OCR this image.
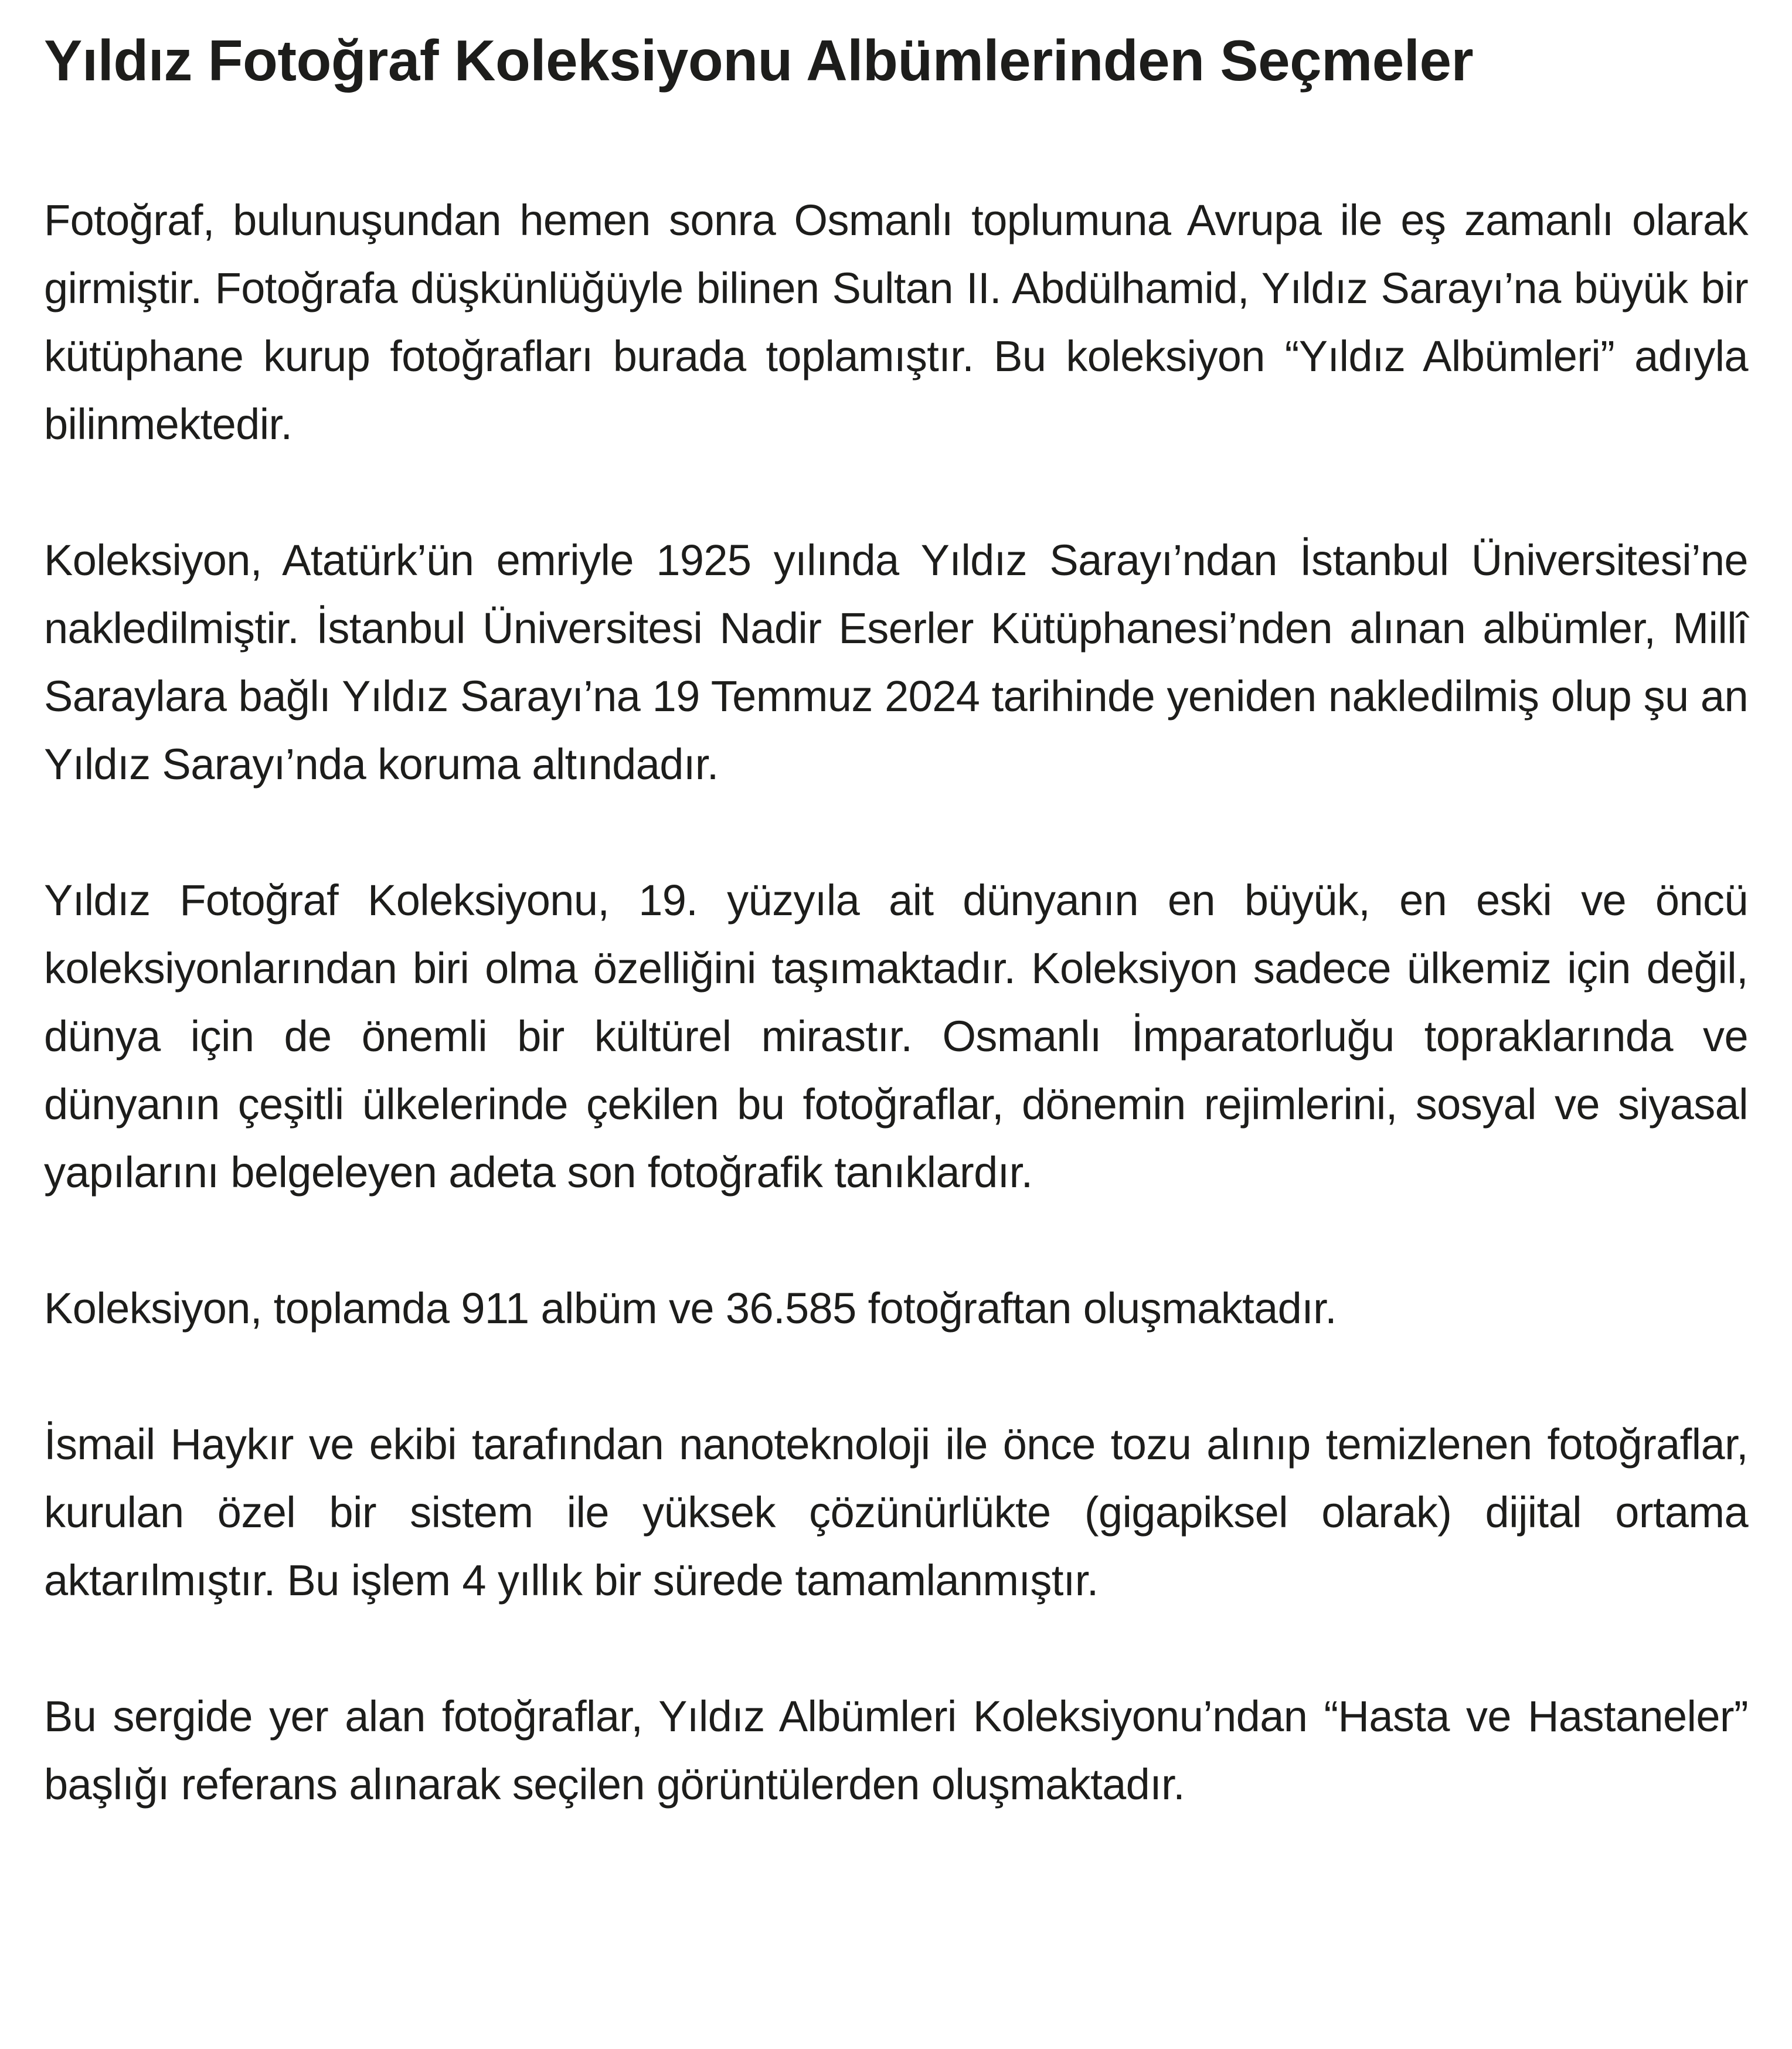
Yıldız Fotoğraf Koleksiyonu Albümlerinden Seçmeler

Fotoğraf, bulunuşundan hemen sonra Osmanlı toplumuna Avrupa ile eş zamanlı olarak girmiştir. Fotoğrafa düşkünlüğüyle bilinen Sultan II. Abdülhamid, Yıldız Sarayı’na büyük bir kütüphane kurup fotoğrafları burada toplamıştır. Bu koleksiyon “Yıldız Albümleri” adıyla bilinmektedir.

Koleksiyon, Atatürk’ün emriyle 1925 yılında Yıldız Sarayı’ndan İstanbul Üniversitesi’ne nakledilmiştir. İstanbul Üniversitesi Nadir Eserler Kütüphanesi’nden alınan albümler, Millî Saraylara bağlı Yıldız Sarayı’na 19 Temmuz 2024 tarihinde yeniden nakledilmiş olup şu an Yıldız Sarayı’nda koruma altındadır.

Yıldız Fotoğraf Koleksiyonu, 19. yüzyıla ait dünyanın en büyük, en eski ve öncü koleksiyonlarından biri olma özelliğini taşımaktadır. Koleksiyon sadece ülkemiz için değil, dünya için de önemli bir kültürel mirastır. Osmanlı İmparatorluğu topraklarında ve dünyanın çeşitli ülkelerinde çekilen bu fotoğraflar, dönemin rejimlerini, sosyal ve siyasal yapılarını belgeleyen adeta son fotoğrafik tanıklardır.

Koleksiyon, toplamda 911 albüm ve 36.585 fotoğraftan oluşmaktadır.

İsmail Haykır ve ekibi tarafından nanoteknoloji ile önce tozu alınıp temizlenen fotoğraflar, kurulan özel bir sistem ile yüksek çözünürlükte (gigapiksel olarak) dijital ortama aktarılmıştır. Bu işlem 4 yıllık bir sürede tamamlanmıştır.

Bu sergide yer alan fotoğraflar, Yıldız Albümleri Koleksiyonu’ndan “Hasta ve Hastaneler” başlığı referans alınarak seçilen görüntülerden oluşmaktadır.
